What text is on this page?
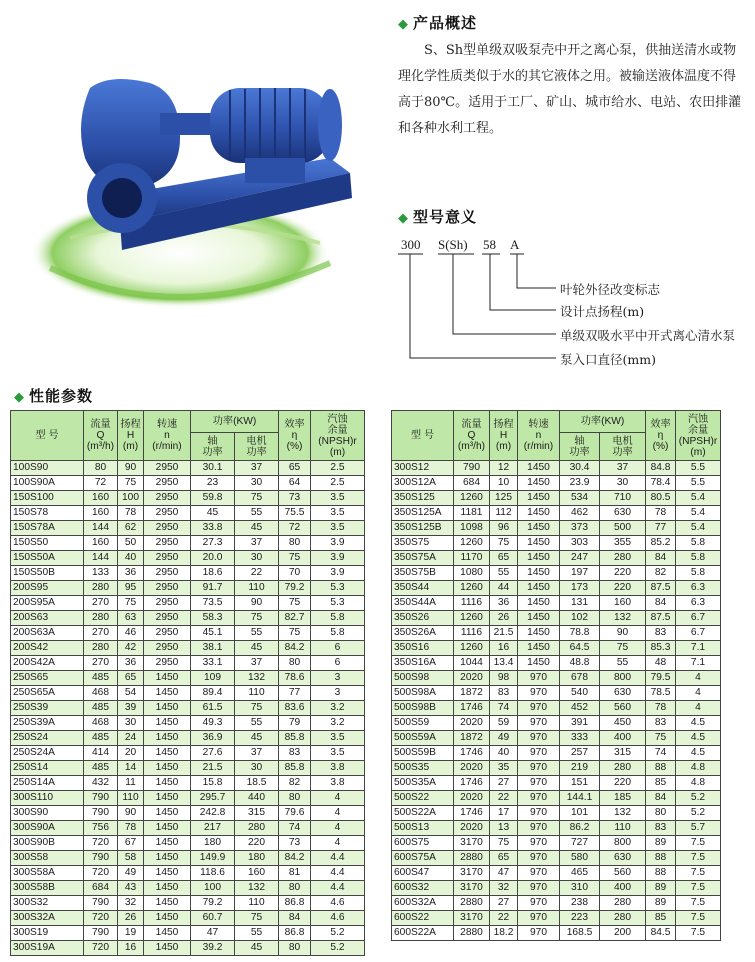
◆ 产品概述
S、Sh型单级双吸泵壳中开之离心泵，供抽送清水或物理化学性质类似于水的其它液体之用。被输送液体温度不得高于80℃。适用于工厂、矿山、城市给水、电站、农田排灌和各种水利工程。
◆ 型号意义
300 S(Sh) 58 A
叶轮外径改变标志
设计点扬程(m)
单级双吸水平中开式离心清水泵
泵入口直径(mm)
◆ 性能参数
型 号	流量
Q
(m³/h)	扬程
H
(m)	转速
n
(r/min)	功率(KW)		效率
η
(%)	汽蚀
余量
(NPSH)r
(m)
				轴
功率	电机
功率		
100S90	80	90	2950	30.1	37	65	2.5
100S90A	72	75	2950	23	30	64	2.5
150S100	160	100	2950	59.8	75	73	3.5
150S78	160	78	2950	45	55	75.5	3.5
150S78A	144	62	2950	33.8	45	72	3.5
150S50	160	50	2950	27.3	37	80	3.9
150S50A	144	40	2950	20.0	30	75	3.9
150S50B	133	36	2950	18.6	22	70	3.9
200S95	280	95	2950	91.7	110	79.2	5.3
200S95A	270	75	2950	73.5	90	75	5.3
200S63	280	63	2950	58.3	75	82.7	5.8
200S63A	270	46	2950	45.1	55	75	5.8
200S42	280	42	2950	38.1	45	84.2	6
200S42A	270	36	2950	33.1	37	80	6
250S65	485	65	1450	109	132	78.6	3
250S65A	468	54	1450	89.4	110	77	3
250S39	485	39	1450	61.5	75	83.6	3.2
250S39A	468	30	1450	49.3	55	79	3.2
250S24	485	24	1450	36.9	45	85.8	3.5
250S24A	414	20	1450	27.6	37	83	3.5
250S14	485	14	1450	21.5	30	85.8	3.8
250S14A	432	11	1450	15.8	18.5	82	3.8
300S110	790	110	1450	295.7	440	80	4
300S90	790	90	1450	242.8	315	79.6	4
300S90A	756	78	1450	217	280	74	4
300S90B	720	67	1450	180	220	73	4
300S58	790	58	1450	149.9	180	84.2	4.4
300S58A	720	49	1450	118.6	160	81	4.4
300S58B	684	43	1450	100	132	80	4.4
300S32	790	32	1450	79.2	110	86.8	4.6
300S32A	720	26	1450	60.7	75	84	4.6
300S19	790	19	1450	47	55	86.8	5.2
300S19A	720	16	1450	39.2	45	80	5.2
型 号	流量
Q
(m³/h)	扬程
H
(m)	转速
n
(r/min)	功率(KW)		效率
η
(%)	汽蚀
余量
(NPSH)r
(m)
				轴
功率	电机
功率		
300S12	790	12	1450	30.4	37	84.8	5.5
300S12A	684	10	1450	23.9	30	78.4	5.5
350S125	1260	125	1450	534	710	80.5	5.4
350S125A	1181	112	1450	462	630	78	5.4
350S125B	1098	96	1450	373	500	77	5.4
350S75	1260	75	1450	303	355	85.2	5.8
350S75A	1170	65	1450	247	280	84	5.8
350S75B	1080	55	1450	197	220	82	5.8
350S44	1260	44	1450	173	220	87.5	6.3
350S44A	1116	36	1450	131	160	84	6.3
350S26	1260	26	1450	102	132	87.5	6.7
350S26A	1116	21.5	1450	78.8	90	83	6.7
350S16	1260	16	1450	64.5	75	85.3	7.1
350S16A	1044	13.4	1450	48.8	55	48	7.1
500S98	2020	98	970	678	800	79.5	4
500S98A	1872	83	970	540	630	78.5	4
500S98B	1746	74	970	452	560	78	4
500S59	2020	59	970	391	450	83	4.5
500S59A	1872	49	970	333	400	75	4.5
500S59B	1746	40	970	257	315	74	4.5
500S35	2020	35	970	219	280	88	4.8
500S35A	1746	27	970	151	220	85	4.8
500S22	2020	22	970	144.1	185	84	5.2
500S22A	1746	17	970	101	132	80	5.2
500S13	2020	13	970	86.2	110	83	5.7
600S75	3170	75	970	727	800	89	7.5
600S75A	2880	65	970	580	630	88	7.5
600S47	3170	47	970	465	560	88	7.5
600S32	3170	32	970	310	400	89	7.5
600S32A	2880	27	970	238	280	89	7.5
600S22	3170	22	970	223	280	85	7.5
600S22A	2880	18.2	970	168.5	200	84.5	7.5
